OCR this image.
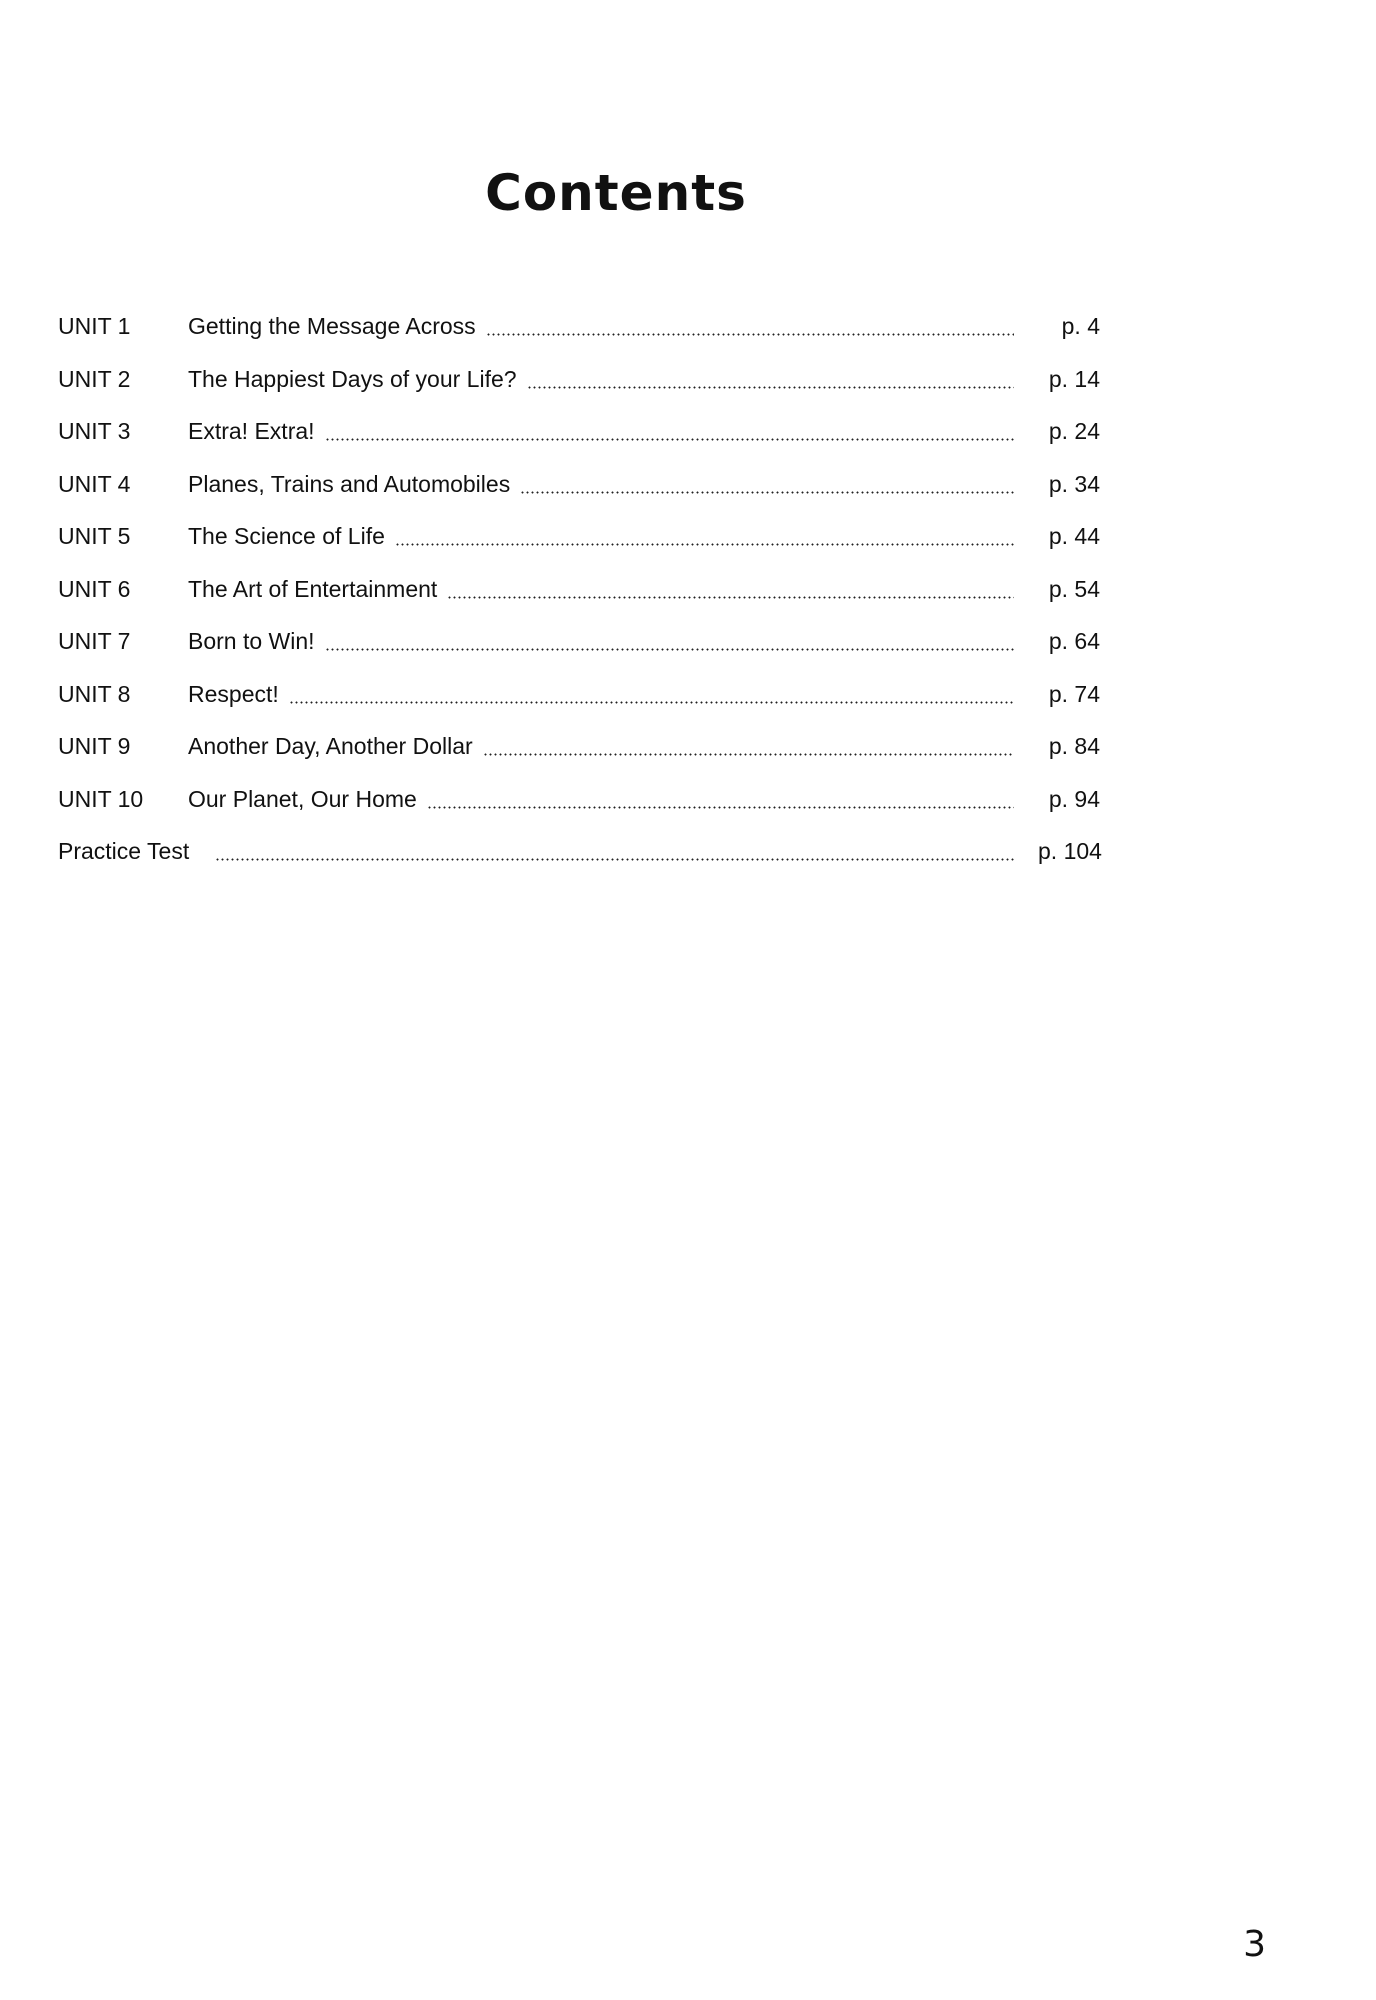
Contents
UNIT 1	Getting the Message Across	p. 4
UNIT 2	The Happiest Days of your Life?	p. 14
UNIT 3	Extra! Extra!	p. 24
UNIT 4	Planes, Trains and Automobiles	p. 34
UNIT 5	The Science of Life	p. 44
UNIT 6	The Art of Entertainment	p. 54
UNIT 7	Born to Win!	p. 64
UNIT 8	Respect!	p. 74
UNIT 9	Another Day, Another Dollar	p. 84
UNIT 10	Our Planet, Our Home	p. 94
Practice Test	p. 104
3
